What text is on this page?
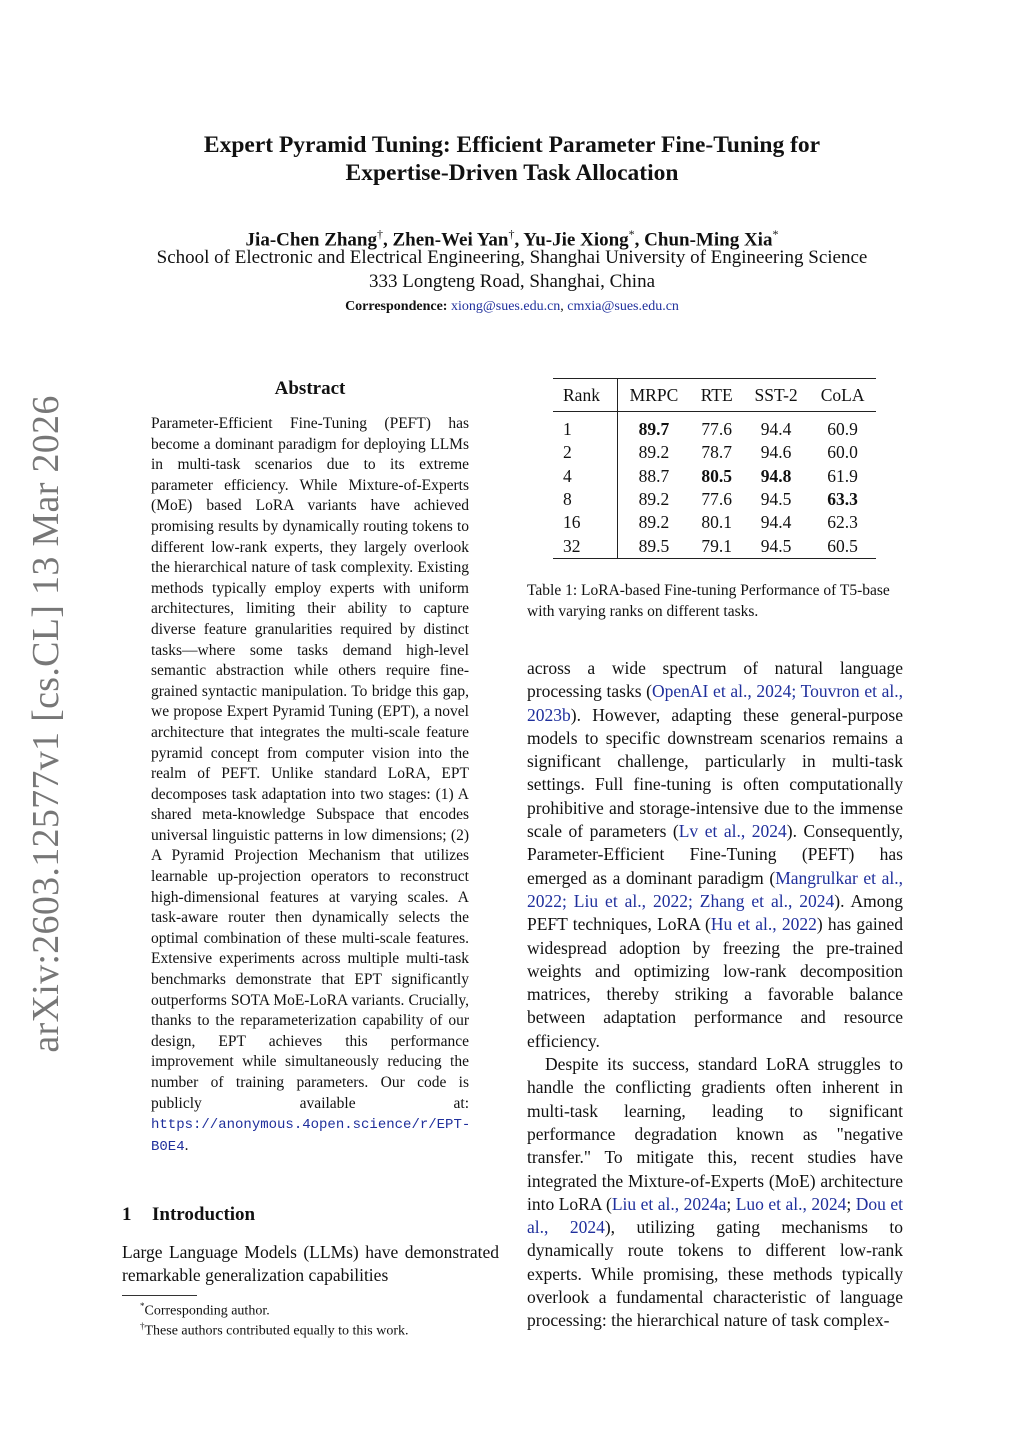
arXiv:2603.12577v1 [cs.CL] 13 Mar 2026
Expert Pyramid Tuning: Efficient Parameter Fine-Tuning for
Expertise-Driven Task Allocation
Jia-Chen Zhang†, Zhen-Wei Yan†, Yu-Jie Xiong*, Chun-Ming Xia*
School of Electronic and Electrical Engineering, Shanghai University of Engineering Science
333 Longteng Road, Shanghai, China
Correspondence: xiong@sues.edu.cn, cmxia@sues.edu.cn
Abstract
Parameter-Efficient Fine-Tuning (PEFT) has become a dominant paradigm for deploying LLMs in multi-task scenarios due to its extreme parameter efficiency. While Mixture-of-Experts (MoE) based LoRA variants have achieved promising results by dynamically routing tokens to different low-rank experts, they largely overlook the hierarchical nature of task complexity. Existing methods typically employ experts with uniform architectures, limiting their ability to capture diverse feature granularities required by distinct tasks—where some tasks demand high-level semantic abstraction while others require fine-grained syntactic manipulation. To bridge this gap, we propose Expert Pyramid Tuning (EPT), a novel architecture that integrates the multi-scale feature pyramid concept from computer vision into the realm of PEFT. Unlike standard LoRA, EPT decomposes task adaptation into two stages: (1) A shared meta-knowledge Subspace that encodes universal linguistic patterns in low dimensions; (2) A Pyramid Projection Mechanism that utilizes learnable up-projection operators to reconstruct high-dimensional features at varying scales. A task-aware router then dynamically selects the optimal combination of these multi-scale features. Extensive experiments across multiple multi-task benchmarks demonstrate that EPT significantly outperforms SOTA MoE-LoRA variants. Crucially, thanks to the reparameterization capability of our design, EPT achieves this performance improvement while simultaneously reducing the number of training parameters. Our code is publicly available at: https://anonymous.4open.science/r/EPT-B0E4.
1 Introduction
Large Language Models (LLMs) have demonstrated remarkable generalization capabilities
*Corresponding author.
†These authors contributed equally to this work.
Rank	MRPC	RTE	SST-2	CoLA
1	89.7	77.6	94.4	60.9
2	89.2	78.7	94.6	60.0
4	88.7	80.5	94.8	61.9
8	89.2	77.6	94.5	63.3
16	89.2	80.1	94.4	62.3
32	89.5	79.1	94.5	60.5
Table 1: LoRA-based Fine-tuning Performance of T5-base with varying ranks on different tasks.

across a wide spectrum of natural language processing tasks (OpenAI et al., 2024; Touvron et al., 2023b). However, adapting these general-purpose models to specific downstream scenarios remains a significant challenge, particularly in multi-task settings. Full fine-tuning is often computationally prohibitive and storage-intensive due to the immense scale of parameters (Lv et al., 2024). Consequently, Parameter-Efficient Fine-Tuning (PEFT) has emerged as a dominant paradigm (Mangrulkar et al., 2022; Liu et al., 2022; Zhang et al., 2024). Among PEFT techniques, LoRA (Hu et al., 2022) has gained widespread adoption by freezing the pre-trained weights and optimizing low-rank decomposition matrices, thereby striking a favorable balance between adaptation performance and resource efficiency.

Despite its success, standard LoRA struggles to handle the conflicting gradients often inherent in multi-task learning, leading to significant performance degradation known as "negative transfer." To mitigate this, recent studies have integrated the Mixture-of-Experts (MoE) architecture into LoRA (Liu et al., 2024a; Luo et al., 2024; Dou et al., 2024), utilizing gating mechanisms to dynamically route tokens to different low-rank experts. While promising, these methods typically overlook a fundamental characteristic of language processing: the hierarchical nature of task complex-
